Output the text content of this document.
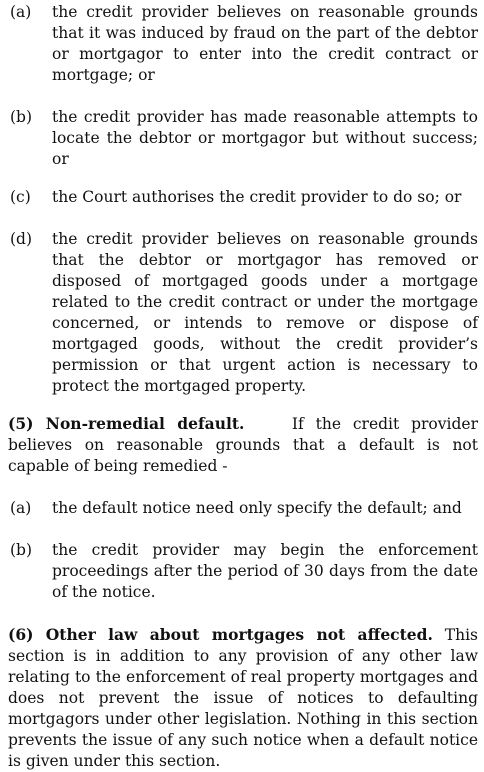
(a)	the credit provider believes on reasonable grounds that it was induced by fraud on the part of the debtor or mortgagor to enter into the credit contract or mortgage; or
(b)	the credit provider has made reasonable attempts to locate the debtor or mortgagor but without success; or
(c)	the Court authorises the credit provider to do so; or
(d)	the credit provider believes on reasonable grounds that the debtor or mortgagor has removed or disposed of mortgaged goods under a mortgage related to the credit contract or under the mortgage concerned, or intends to remove or dispose of mortgaged goods, without the credit provider’s permission or that urgent action is necessary to protect the mortgaged property.
(5) Non-remedial default.	If the credit provider believes on reasonable grounds that a default is not capable of being remedied -
(a)	the default notice need only specify the default; and
(b)	the credit provider may begin the enforcement proceedings after the period of 30 days from the date of the notice.
(6) Other law about mortgages not affected. This section is in addition to any provision of any other law relating to the enforcement of real property mortgages and does not prevent the issue of notices to defaulting mortgagors under other legislation. Nothing in this section prevents the issue of any such notice when a default notice is given under this section.
